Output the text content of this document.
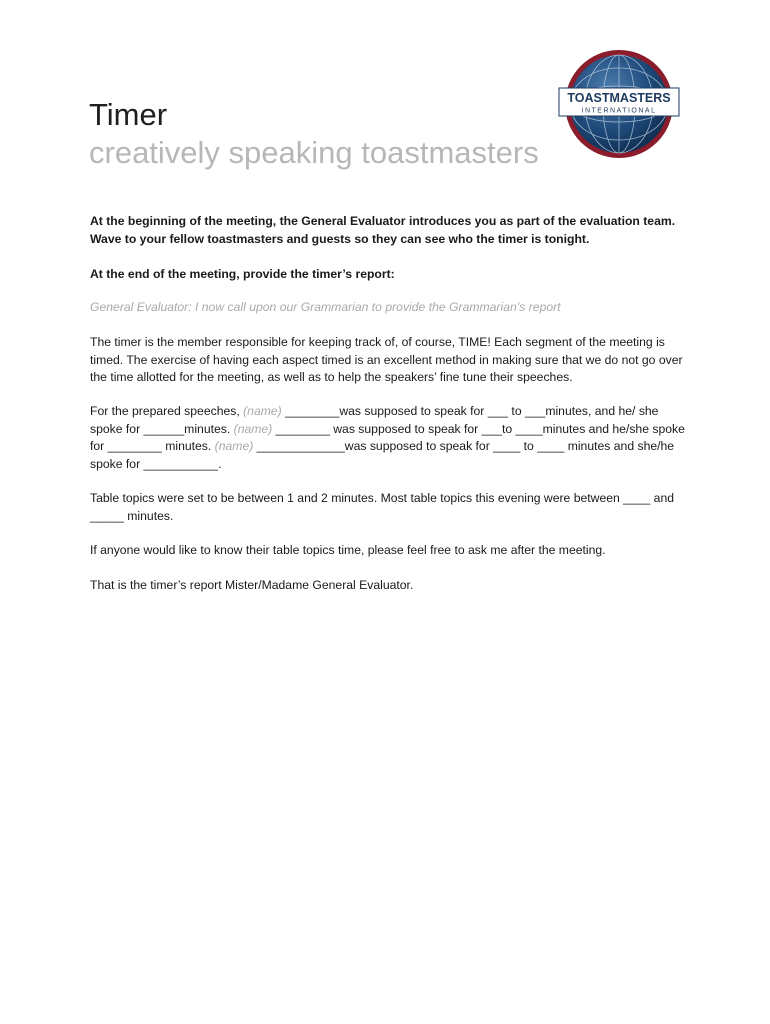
TOASTMASTERS
INTERNATIONAL
Timer
creatively speaking toastmasters

At the beginning of the meeting, the General Evaluator introduces you as part of the evaluation team.
Wave to your fellow toastmasters and guests so they can see who the timer is tonight.

At the end of the meeting, provide the timer’s report:

General Evaluator: I now call upon our Grammarian to provide the Grammarian’s report

The timer is the member responsible for keeping track of, of course, TIME! Each segment of the meeting is timed. The exercise of having each aspect timed is an excellent method in making sure that we do not go over the time allotted for the meeting, as well as to help the speakers’ fine tune their speeches.

For the prepared speeches, (name) ________was supposed to speak for ___ to ___minutes, and he/ she spoke for ______minutes. (name) ________ was supposed to speak for ___to ____minutes and he/she spoke for ________ minutes. (name) _____________was supposed to speak for ____ to ____ minutes and she/he spoke for ___________.

Table topics were set to be between 1 and 2 minutes. Most table topics this evening were between ____ and _____ minutes.

If anyone would like to know their table topics time, please feel free to ask me after the meeting.

That is the timer’s report Mister/Madame General Evaluator.
